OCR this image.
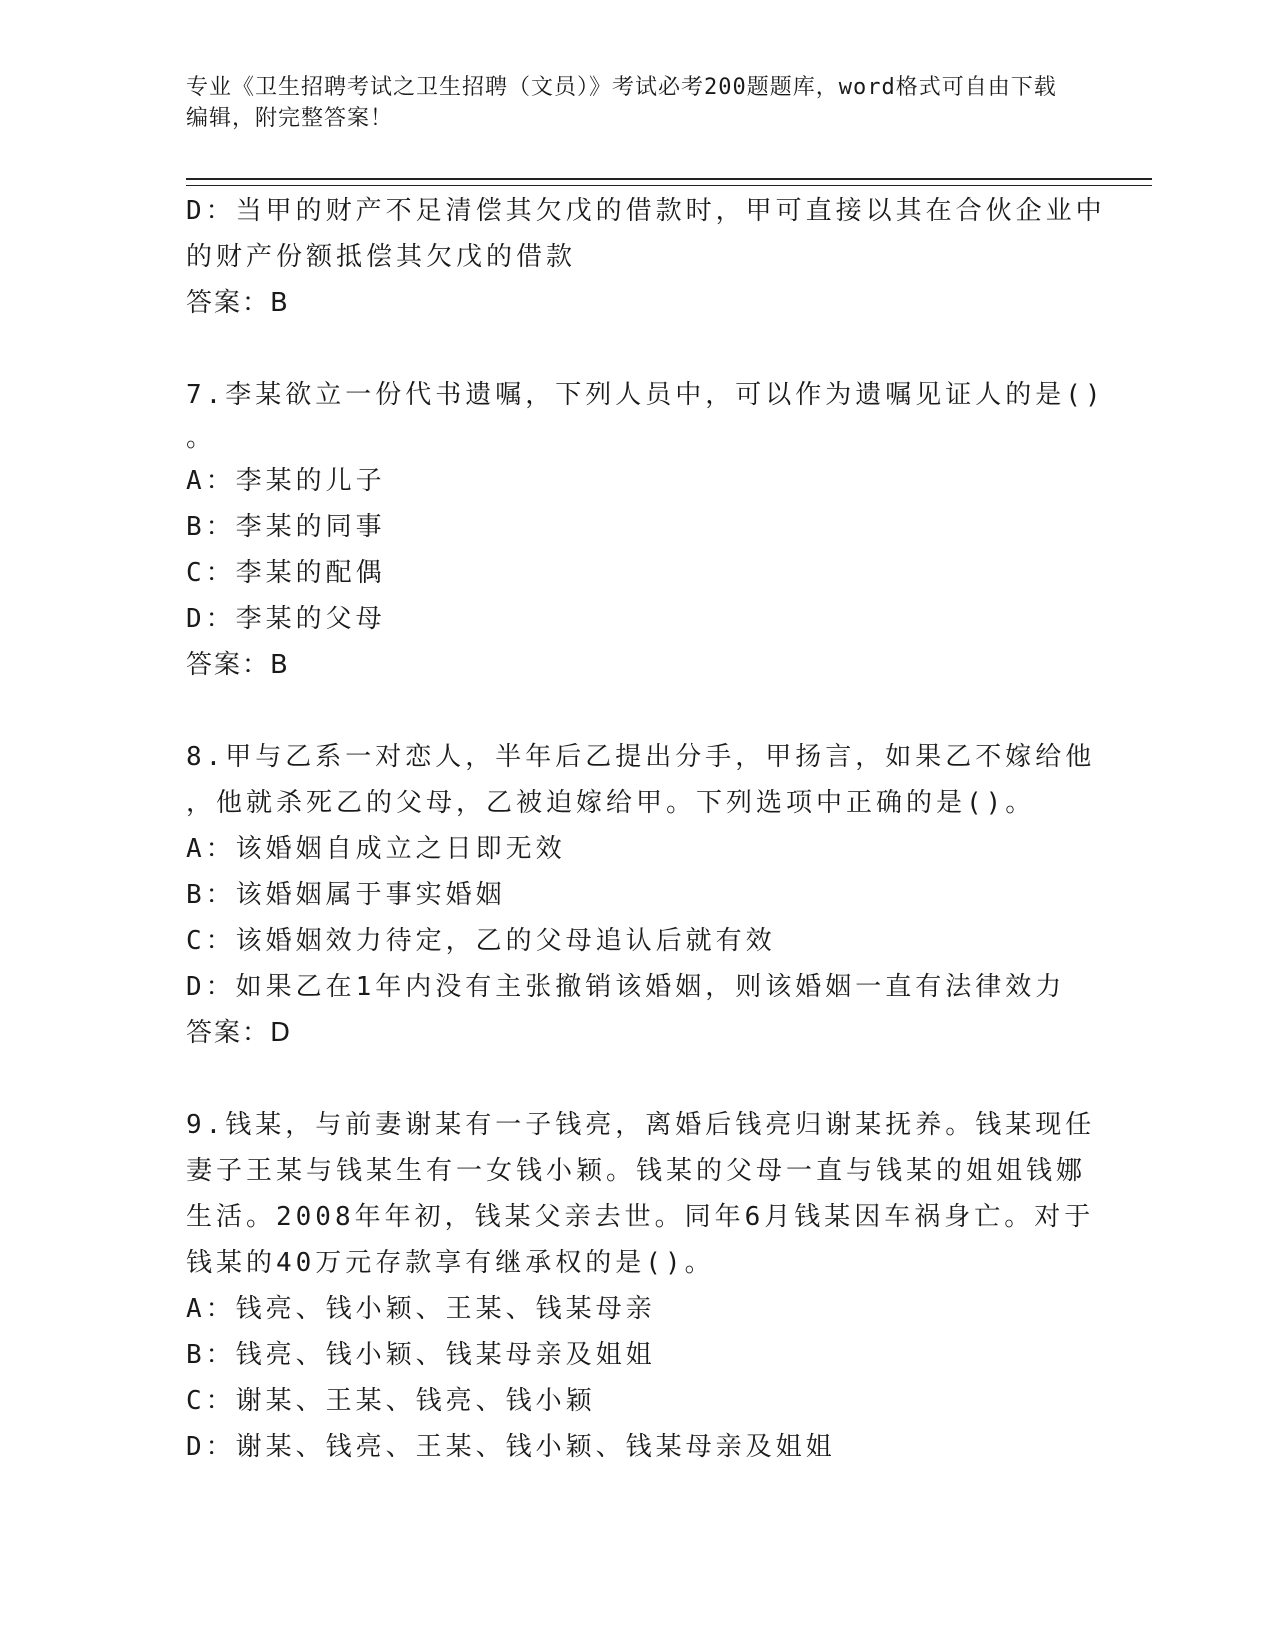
专业《卫生招聘考试之卫生招聘（文员）》考试必考200题题库，word格式可自由下载编辑，附完整答案！
D：当甲的财产不足清偿其欠戊的借款时，甲可直接以其在合伙企业中
的财产份额抵偿其欠戊的借款
答案：B
7.李某欲立一份代书遗嘱，下列人员中，可以作为遗嘱见证人的是()
。
A：李某的儿子
B：李某的同事
C：李某的配偶
D：李某的父母
答案：B
8.甲与乙系一对恋人，半年后乙提出分手，甲扬言，如果乙不嫁给他
，他就杀死乙的父母，乙被迫嫁给甲。下列选项中正确的是()。
A：该婚姻自成立之日即无效
B：该婚姻属于事实婚姻
C：该婚姻效力待定，乙的父母追认后就有效
D：如果乙在1年内没有主张撤销该婚姻，则该婚姻一直有法律效力
答案：D
9.钱某，与前妻谢某有一子钱亮，离婚后钱亮归谢某抚养。钱某现任
妻子王某与钱某生有一女钱小颖。钱某的父母一直与钱某的姐姐钱娜
生活。2008年年初，钱某父亲去世。同年6月钱某因车祸身亡。对于
钱某的40万元存款享有继承权的是()。
A：钱亮、钱小颖、王某、钱某母亲
B：钱亮、钱小颖、钱某母亲及姐姐
C：谢某、王某、钱亮、钱小颖
D：谢某、钱亮、王某、钱小颖、钱某母亲及姐姐
